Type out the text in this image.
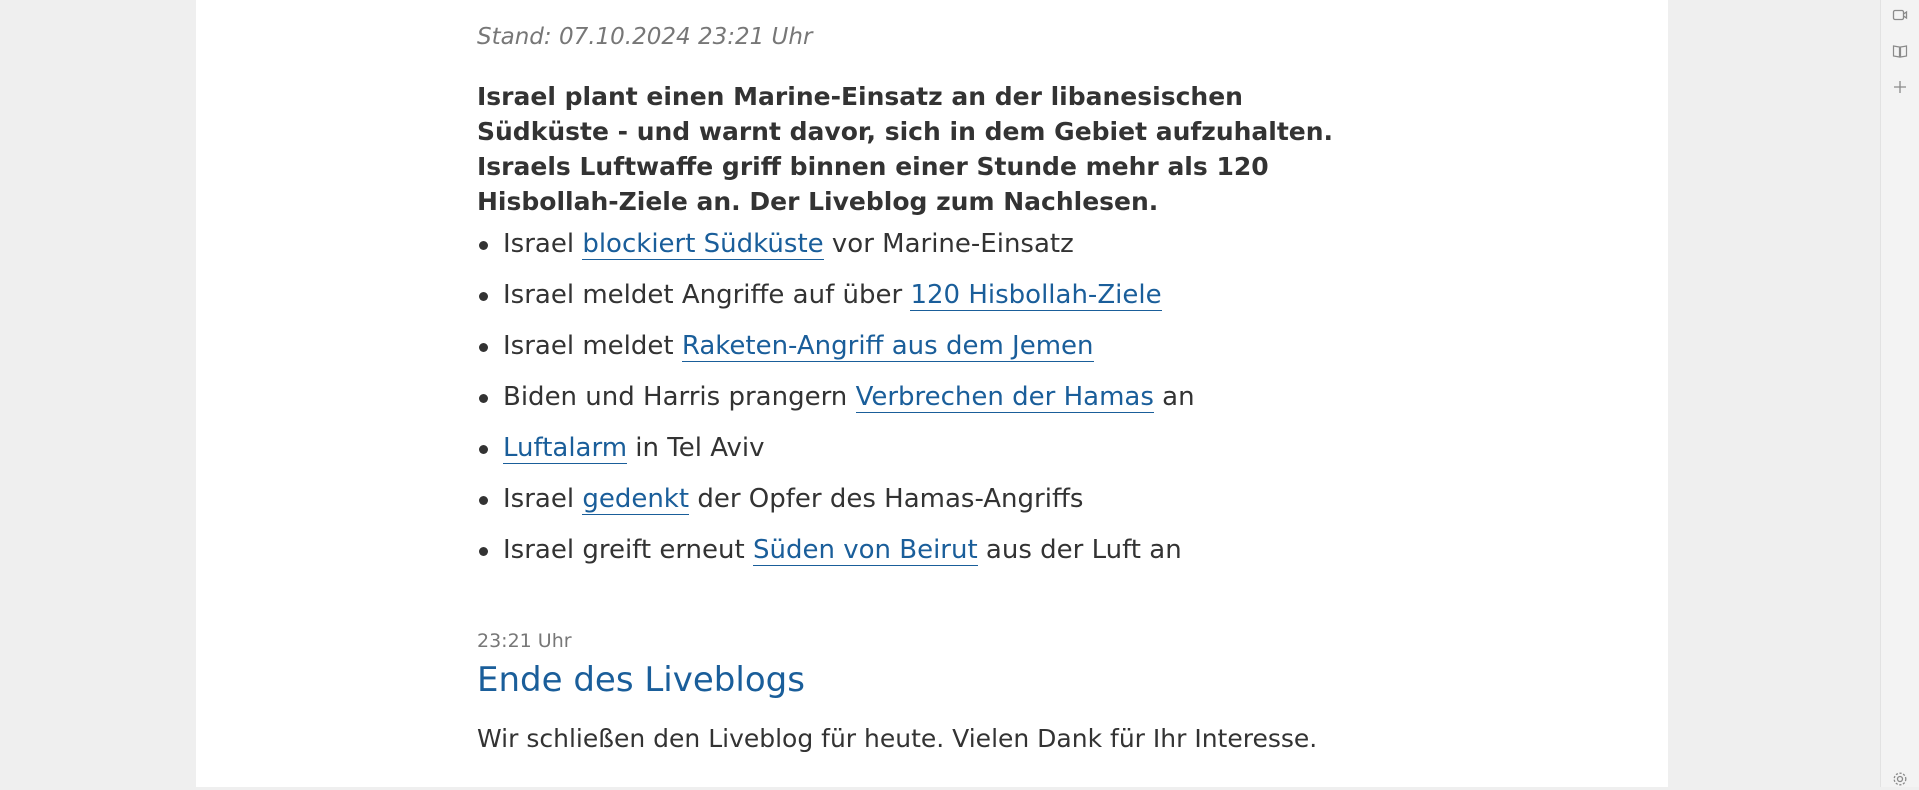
Stand: 07.10.2024 23:21 Uhr
Israel plant einen Marine-Einsatz an der libanesischen Südküste - und warnt davor, sich in dem Gebiet aufzuhalten. Israels Luftwaffe griff binnen einer Stunde mehr als 120 Hisbollah-Ziele an. Der Liveblog zum Nachlesen.
Israel blockiert Südküste vor Marine-Einsatz
Israel meldet Angriffe auf über 120 Hisbollah-Ziele
Israel meldet Raketen-Angriff aus dem Jemen
Biden und Harris prangern Verbrechen der Hamas an
Luftalarm in Tel Aviv
Israel gedenkt der Opfer des Hamas-Angriffs
Israel greift erneut Süden von Beirut aus der Luft an
23:21 Uhr
Ende des Liveblogs
Wir schließen den Liveblog für heute. Vielen Dank für Ihr Interesse.
